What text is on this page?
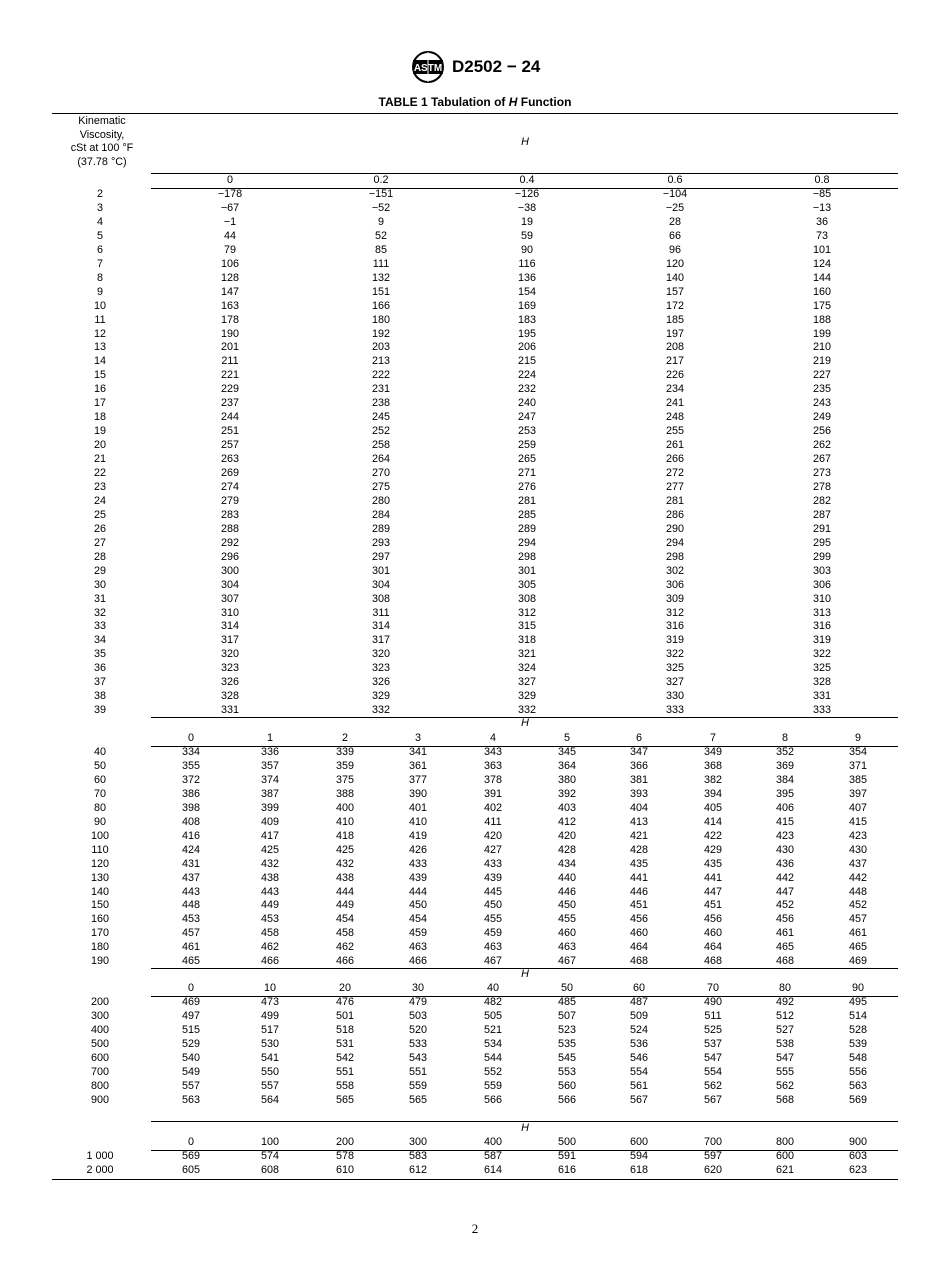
ASTM D2502 − 24
TABLE 1 Tabulation of H Function
Kinematic
Viscosity,
cSt at 100 °F
(37.78 °C)
H
0	0.2	0.4	0.6	0.8
2	−178	−151	−126	−104	−85
3	−67	−52	−38	−25	−13
4	−1	9	19	28	36
5	44	52	59	66	73
6	79	85	90	96	101
7	106	111	116	120	124
8	128	132	136	140	144
9	147	151	154	157	160
10	163	166	169	172	175
11	178	180	183	185	188
12	190	192	195	197	199
13	201	203	206	208	210
14	211	213	215	217	219
15	221	222	224	226	227
16	229	231	232	234	235
17	237	238	240	241	243
18	244	245	247	248	249
19	251	252	253	255	256
20	257	258	259	261	262
21	263	264	265	266	267
22	269	270	271	272	273
23	274	275	276	277	278
24	279	280	281	281	282
25	283	284	285	286	287
26	288	289	289	290	291
27	292	293	294	294	295
28	296	297	298	298	299
29	300	301	301	302	303
30	304	304	305	306	306
31	307	308	308	309	310
32	310	311	312	312	313
33	314	314	315	316	316
34	317	317	318	319	319
35	320	320	321	322	322
36	323	323	324	325	325
37	326	326	327	327	328
38	328	329	329	330	331
39	331	332	332	333	333
H
0	1	2	3	4	5	6	7	8	9
40	334	336	339	341	343	345	347	349	352	354
50	355	357	359	361	363	364	366	368	369	371
60	372	374	375	377	378	380	381	382	384	385
70	386	387	388	390	391	392	393	394	395	397
80	398	399	400	401	402	403	404	405	406	407
90	408	409	410	410	411	412	413	414	415	415
100	416	417	418	419	420	420	421	422	423	423
110	424	425	425	426	427	428	428	429	430	430
120	431	432	432	433	433	434	435	435	436	437
130	437	438	438	439	439	440	441	441	442	442
140	443	443	444	444	445	446	446	447	447	448
150	448	449	449	450	450	450	451	451	452	452
160	453	453	454	454	455	455	456	456	456	457
170	457	458	458	459	459	460	460	460	461	461
180	461	462	462	463	463	463	464	464	465	465
190	465	466	466	466	467	467	468	468	468	469
H
0	10	20	30	40	50	60	70	80	90
200	469	473	476	479	482	485	487	490	492	495
300	497	499	501	503	505	507	509	511	512	514
400	515	517	518	520	521	523	524	525	527	528
500	529	530	531	533	534	535	536	537	538	539
600	540	541	542	543	544	545	546	547	547	548
700	549	550	551	551	552	553	554	554	555	556
800	557	557	558	559	559	560	561	562	562	563
900	563	564	565	565	566	566	567	567	568	569
H
0	100	200	300	400	500	600	700	800	900
1 000	569	574	578	583	587	591	594	597	600	603
2 000	605	608	610	612	614	616	618	620	621	623
2
